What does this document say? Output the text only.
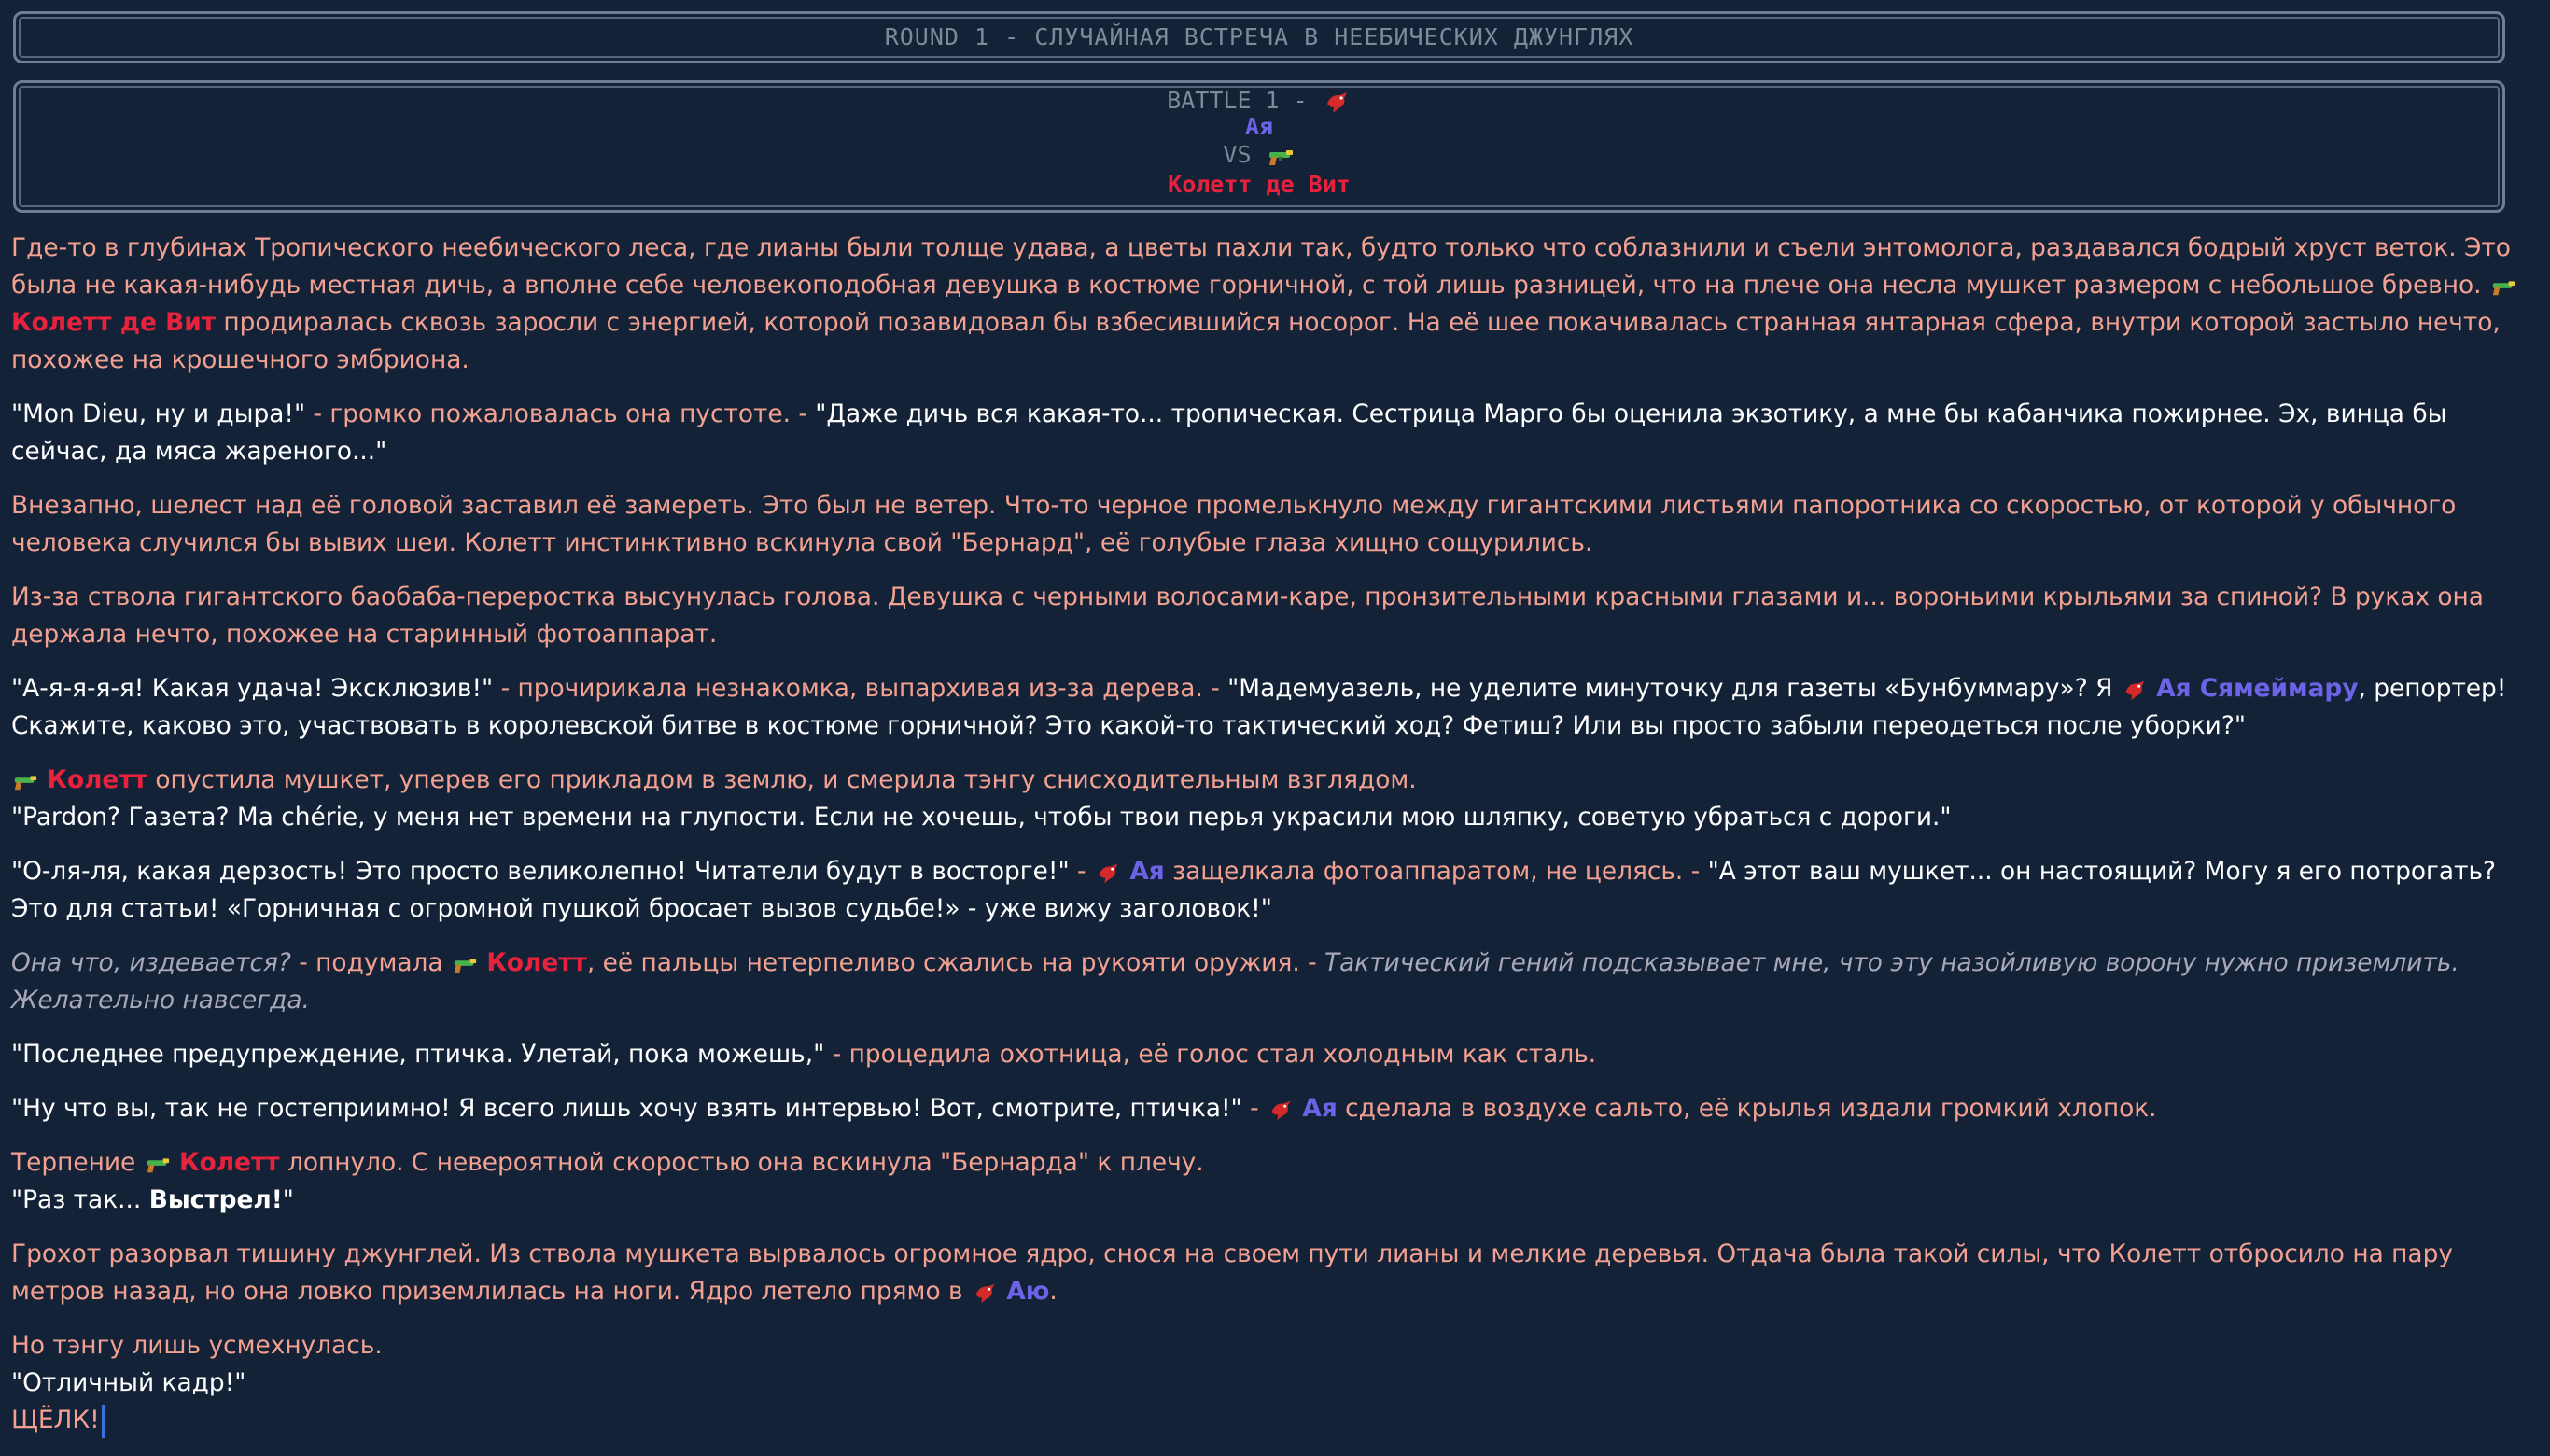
ROUND 1 - СЛУЧАЙНАЯ ВСТРЕЧА В НЕЕБИЧЕСКИХ ДЖУНГЛЯХ
BATTLE 1 -
Ая
VS
Колетт де Вит

Где-то в глубинах Тропического неебического леса, где лианы были толще удава, а цветы пахли так, будто только что соблазнили и съели энтомолога, раздавался бодрый хруст веток. Это была не какая-нибудь местная дичь, а вполне себе человекоподобная девушка в костюме горничной, с той лишь разницей, что на плече она несла мушкет размером с небольшое бревно.  Колетт де Вит продиралась сквозь заросли с энергией, которой позавидовал бы взбесившийся носорог. На её шее покачивалась странная янтарная сфера, внутри которой застыло нечто, похожее на крошечного эмбриона.

"Mon Dieu, ну и дыра!" - громко пожаловалась она пустоте. - "Даже дичь вся какая-то... тропическая. Сестрица Марго бы оценила экзотику, а мне бы кабанчика пожирнее. Эх, винца бы сейчас, да мяса жареного..."

Внезапно, шелест над её головой заставил её замереть. Это был не ветер. Что-то черное промелькнуло между гигантскими листьями папоротника со скоростью, от которой у обычного человека случился бы вывих шеи. Колетт инстинктивно вскинула свой "Бернард", её голубые глаза хищно сощурились.

Из-за ствола гигантского баобаба-переростка высунулась голова. Девушка с черными волосами-каре, пронзительными красными глазами и... вороньими крыльями за спиной? В руках она держала нечто, похожее на старинный фотоаппарат.

"А-я-я-я-я! Какая удача! Эксклюзив!" - прочирикала незнакомка, выпархивая из-за дерева. - "Мадемуазель, не уделите минуточку для газеты «Бунбуммару»? Я Ая Сямеймару, репортер! Скажите, каково это, участвовать в королевской битве в костюме горничной? Это какой-то тактический ход? Фетиш? Или вы просто забыли переодеться после уборки?"

Колетт опустила мушкет, уперев его прикладом в землю, и смерила тэнгу снисходительным взглядом.
"Pardon? Газета? Ma chérie, у меня нет времени на глупости. Если не хочешь, чтобы твои перья украсили мою шляпку, советую убраться с дороги."

"О-ля-ля, какая дерзость! Это просто великолепно! Читатели будут в восторге!" - Ая защелкала фотоаппаратом, не целясь. - "А этот ваш мушкет... он настоящий? Могу я его потрогать? Это для статьи! «Горничная с огромной пушкой бросает вызов судьбе!» - уже вижу заголовок!"

Она что, издевается? - подумала Колетт, её пальцы нетерпеливо сжались на рукояти оружия. - Тактический гений подсказывает мне, что эту назойливую ворону нужно приземлить. Желательно навсегда.

"Последнее предупреждение, птичка. Улетай, пока можешь," - процедила охотница, её голос стал холодным как сталь.

"Ну что вы, так не гостеприимно! Я всего лишь хочу взять интервью! Вот, смотрите, птичка!" - Ая сделала в воздухе сальто, её крылья издали громкий хлопок.

Терпение Колетт лопнуло. С невероятной скоростью она вскинула "Бернарда" к плечу.
"Раз так... Выстрел!"

Грохот разорвал тишину джунглей. Из ствола мушкета вырвалось огромное ядро, снося на своем пути лианы и мелкие деревья. Отдача была такой силы, что Колетт отбросило на пару метров назад, но она ловко приземлилась на ноги. Ядро летело прямо в Аю.

Но тэнгу лишь усмехнулась.
"Отличный кадр!"
ЩЁЛК!
